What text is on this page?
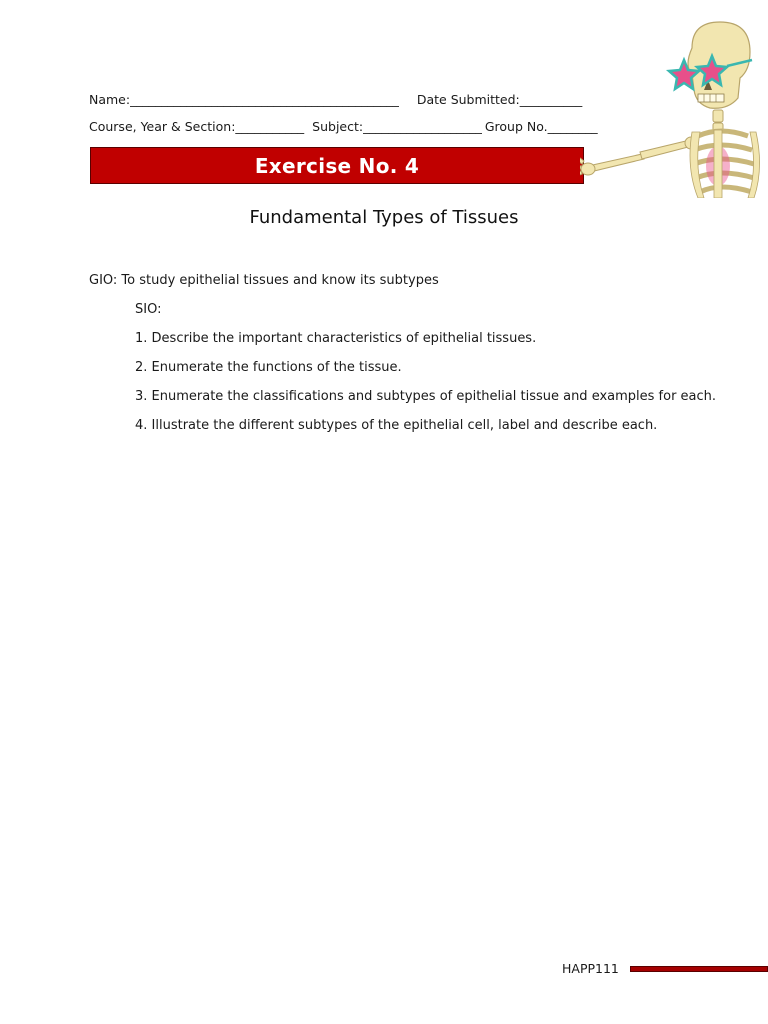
Name:___________________________________________ Date Submitted:__________
Course, Year & Section:___________ Subject:___________________ Group No.________
Exercise No. 4
Fundamental Types of Tissues
GIO: To study epithelial tissues and know its subtypes
SIO:
1. Describe the important characteristics of epithelial tissues.
2. Enumerate the functions of the tissue.
3. Enumerate the classifications and subtypes of epithelial tissue and examples for each.
4. Illustrate the different subtypes of the epithelial cell, label and describe each.
HAPP111
